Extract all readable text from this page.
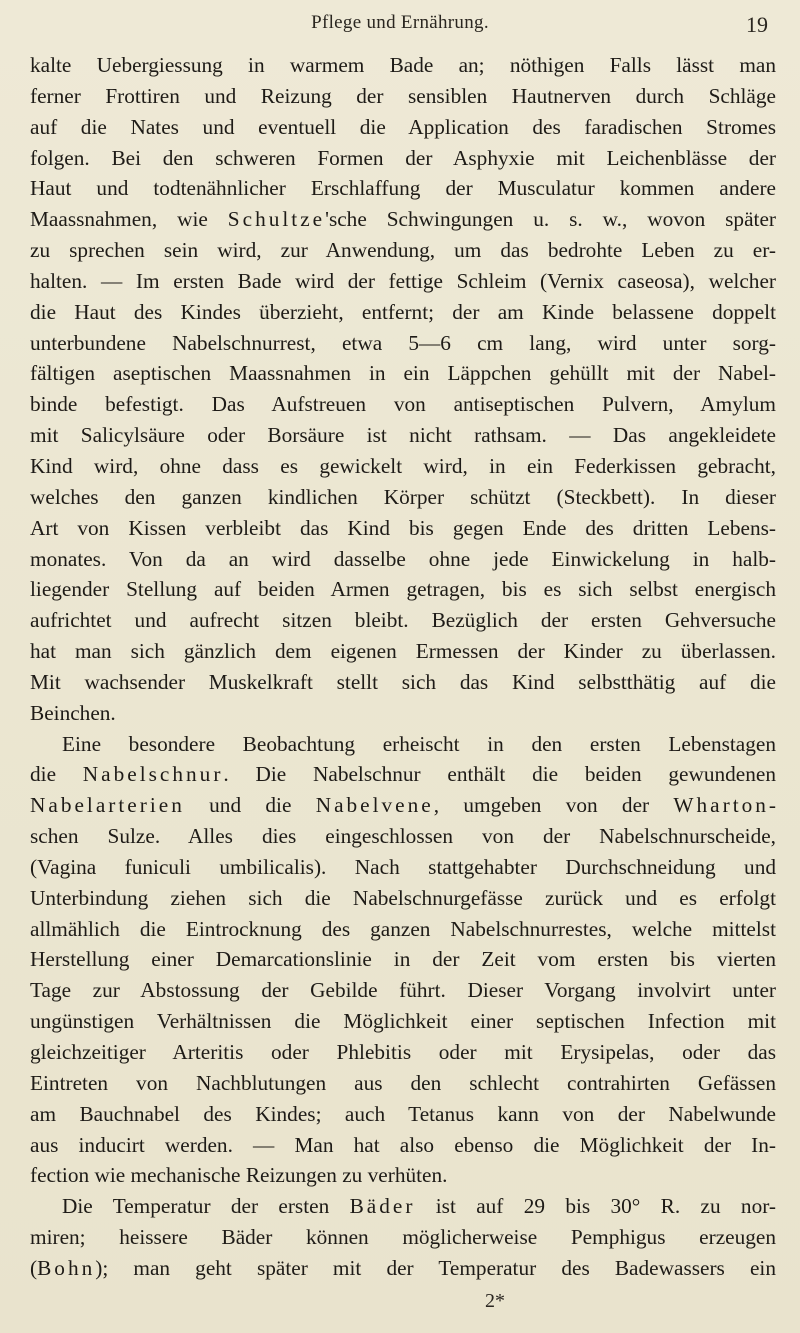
Pflege und Ernährung.	19
kalte Uebergiessung in warmem Bade an; nöthigen Falls lässt man
ferner Frottiren und Reizung der sensiblen Hautnerven durch Schläge
auf die Nates und eventuell die Application des faradischen Stromes
folgen. Bei den schweren Formen der Asphyxie mit Leichenblässe der
Haut und todtenähnlicher Erschlaffung der Musculatur kommen andere
Maassnahmen, wie Schultze'sche Schwingungen u. s. w., wovon später
zu sprechen sein wird, zur Anwendung, um das bedrohte Leben zu er-
halten. — Im ersten Bade wird der fettige Schleim (Vernix caseosa), welcher
die Haut des Kindes überzieht, entfernt; der am Kinde belassene doppelt
unterbundene Nabelschnurrest, etwa 5—6 cm lang, wird unter sorg-
fältigen aseptischen Maassnahmen in ein Läppchen gehüllt mit der Nabel-
binde befestigt. Das Aufstreuen von antiseptischen Pulvern, Amylum
mit Salicylsäure oder Borsäure ist nicht rathsam. — Das angekleidete
Kind wird, ohne dass es gewickelt wird, in ein Federkissen gebracht,
welches den ganzen kindlichen Körper schützt (Steckbett). In dieser
Art von Kissen verbleibt das Kind bis gegen Ende des dritten Lebens-
monates. Von da an wird dasselbe ohne jede Einwickelung in halb-
liegender Stellung auf beiden Armen getragen, bis es sich selbst energisch
aufrichtet und aufrecht sitzen bleibt. Bezüglich der ersten Gehversuche
hat man sich gänzlich dem eigenen Ermessen der Kinder zu überlassen.
Mit wachsender Muskelkraft stellt sich das Kind selbstthätig auf die
Beinchen.
Eine besondere Beobachtung erheischt in den ersten Lebenstagen
die Nabelschnur. Die Nabelschnur enthält die beiden gewundenen
Nabelarterien und die Nabelvene, umgeben von der Wharton-
schen Sulze. Alles dies eingeschlossen von der Nabelschnurscheide,
(Vagina funiculi umbilicalis). Nach stattgehabter Durchschneidung und
Unterbindung ziehen sich die Nabelschnurgefässe zurück und es erfolgt
allmählich die Eintrocknung des ganzen Nabelschnurrestes, welche mittelst
Herstellung einer Demarcationslinie in der Zeit vom ersten bis vierten
Tage zur Abstossung der Gebilde führt. Dieser Vorgang involvirt unter
ungünstigen Verhältnissen die Möglichkeit einer septischen Infection mit
gleichzeitiger Arteritis oder Phlebitis oder mit Erysipelas, oder das
Eintreten von Nachblutungen aus den schlecht contrahirten Gefässen
am Bauchnabel des Kindes; auch Tetanus kann von der Nabelwunde
aus inducirt werden. — Man hat also ebenso die Möglichkeit der In-
fection wie mechanische Reizungen zu verhüten.
Die Temperatur der ersten Bäder ist auf 29 bis 30° R. zu nor-
miren; heissere Bäder können möglicherweise Pemphigus erzeugen
(Bohn); man geht später mit der Temperatur des Badewassers ein
2*
